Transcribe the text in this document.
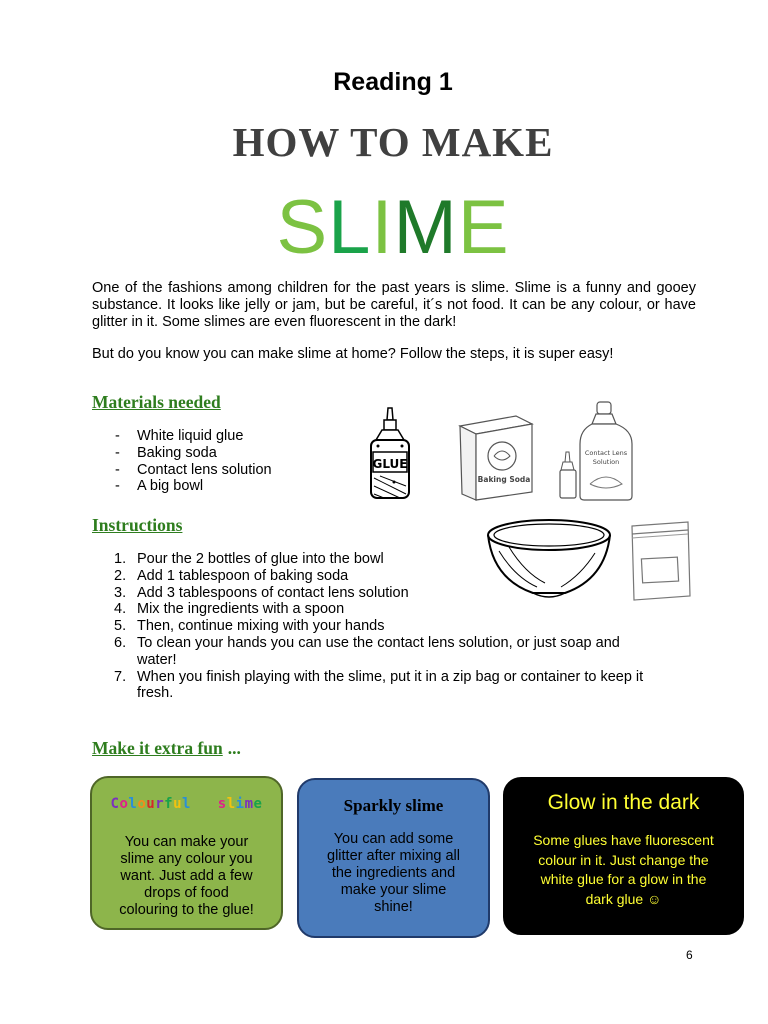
Reading 1
HOW TO MAKE
SLIME

One of the fashions among children for the past years is slime. Slime is a funny and gooey substance. It looks like jelly or jam, but be careful, it´s not food. It can be any colour, or have glitter in it. Some slimes are even fluorescent in the dark!

But do you know you can make slime at home? Follow the steps, it is super easy!

Materials needed
- White liquid glue
- Baking soda
- Contact lens solution
- A big bowl
GLUE
Baking Soda
Contact Lens
Solution
Instructions
1. Pour the 2 bottles of glue into the bowl
2. Add 1 tablespoon of baking soda
3. Add 3 tablespoons of contact lens solution
4. Mix the ingredients with a spoon
5. Then, continue mixing with your hands
6. To clean your hands you can use the contact lens solution, or just soap and
water!
7. When you finish playing with the slime, put it in a zip bag or container to keep it
fresh.
Make it extra fun ...
Colourful slime
You can make your
slime any colour you
want. Just add a few
drops of food
colouring to the glue!
Sparkly slime
You can add some
glitter after mixing all
the ingredients and
make your slime
shine!
Glow in the dark
Some glues have fluorescent
colour in it. Just change the
white glue for a glow in the
dark glue ☺
6
